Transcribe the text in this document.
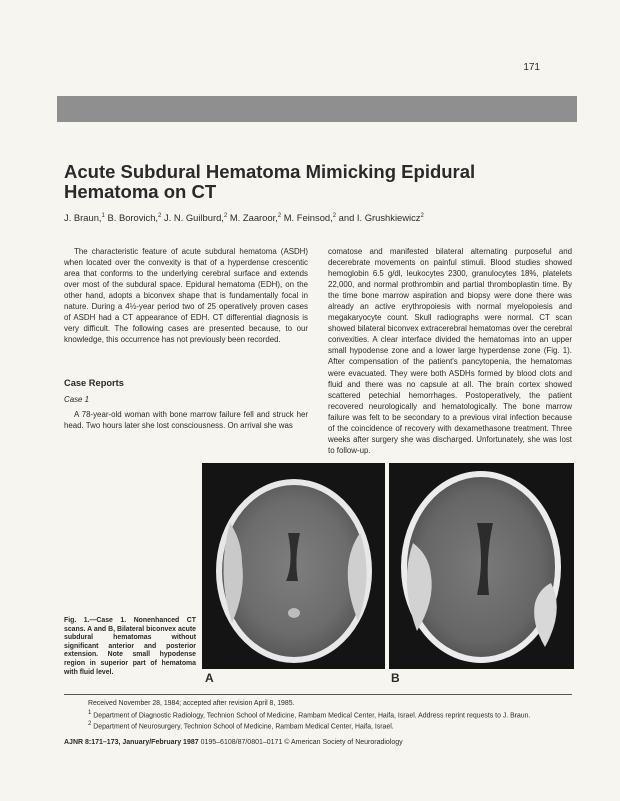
171
Acute Subdural Hematoma Mimicking Epidural Hematoma on CT
J. Braun,$^1$ B. Borovich,$^2$ J. N. Guilburd,$^2$ M. Zaaroor,$^2$ M. Feinsod,$^2$ and I. Grushkiewicz$^2$

The characteristic feature of acute subdural hematoma (ASDH) when located over the convexity is that of a hyperdense crescentic area that conforms to the underlying cerebral surface and extends over most of the subdural space. Epidural hematoma (EDH), on the other hand, adopts a biconvex shape that is fundamentally focal in nature. During a 4½-year period two of 25 operatively proven cases of ASDH had a CT appearance of EDH. CT differential diagnosis is very difficult. The following cases are presented because, to our knowledge, this occurrence has not previously been recorded.

Case Reports
Case 1

A 78-year-old woman with bone marrow failure fell and struck her head. Two hours later she lost consciousness. On arrival she was

comatose and manifested bilateral alternating purposeful and decerebrate movements on painful stimuli. Blood studies showed hemoglobin 6.5 g/dl, leukocytes 2300, granulocytes 18%, platelets 22,000, and normal prothrombin and partial thromboplastin time. By the time bone marrow aspiration and biopsy were done there was already an active erythropoiesis with normal myelopoiesis and megakaryocyte count. Skull radiographs were normal. CT scan showed bilateral biconvex extracerebral hematomas over the cerebral convexities. A clear interface divided the hematomas into an upper small hypodense zone and a lower large hyperdense zone (Fig. 1). After compensation of the patient's pancytopenia, the hematomas were evacuated. They were both ASDHs formed by blood clots and fluid and there was no capsule at all. The brain cortex showed scattered petechial hemorrhages. Postoperatively, the patient recovered neurologically and hematologically. The bone marrow failure was felt to be secondary to a previous viral infection because of the coincidence of recovery with dexamethasone treatment. Three weeks after surgery she was discharged. Unfortunately, she was lost to follow-up.

Fig. 1.—Case 1. Nonenhanced CT scans. A and B, Bilateral biconvex acute subdural hematomas without significant anterior and posterior extension. Note small hypodense region in superior part of hematoma with fluid level.	A	B

Received November 28, 1984; accepted after revision April 8, 1985.

$^1$ Department of Diagnostic Radiology, Technion School of Medicine, Rambam Medical Center, Haifa, Israel. Address reprint requests to J. Braun.

$^2$ Department of Neurosurgery, Technion School of Medicine, Rambam Medical Center, Haifa, Israel.

AJNR 8:171–173, January/February 1987 0195–6108/87/0801–0171 © American Society of Neuroradiology
